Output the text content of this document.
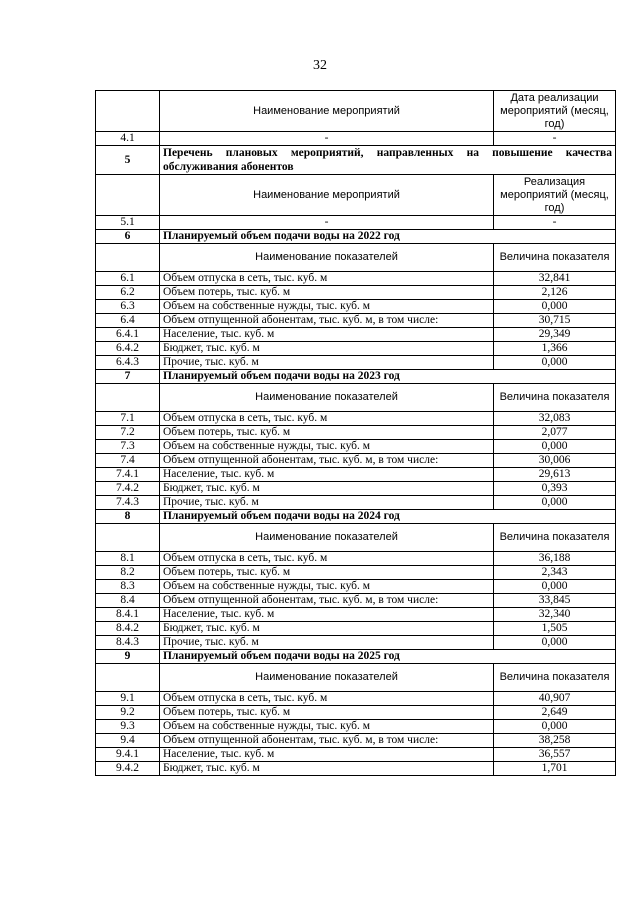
32
	Наименование мероприятий	Дата реализации мероприятий (месяц, год)
4.1	-	-
5	Перечень плановых мероприятий, направленных на повышение качества обслуживания абонентов	
	Наименование мероприятий	Реализация мероприятий (месяц, год)
5.1	-	-
6	Планируемый объем подачи воды на 2022 год	
	Наименование показателей	Величина показателя
6.1	Объем отпуска в сеть, тыс. куб. м	32,841
6.2	Объем потерь, тыс. куб. м	2,126
6.3	Объем на собственные нужды, тыс. куб. м	0,000
6.4	Объем отпущенной абонентам, тыс. куб. м, в том числе:	30,715
6.4.1	Население, тыс. куб. м	29,349
6.4.2	Бюджет, тыс. куб. м	1,366
6.4.3	Прочие, тыс. куб. м	0,000
7	Планируемый объем подачи воды на 2023 год	
	Наименование показателей	Величина показателя
7.1	Объем отпуска в сеть, тыс. куб. м	32,083
7.2	Объем потерь, тыс. куб. м	2,077
7.3	Объем на собственные нужды, тыс. куб. м	0,000
7.4	Объем отпущенной абонентам, тыс. куб. м, в том числе:	30,006
7.4.1	Население, тыс. куб. м	29,613
7.4.2	Бюджет, тыс. куб. м	0,393
7.4.3	Прочие, тыс. куб. м	0,000
8	Планируемый объем подачи воды на 2024 год	
	Наименование показателей	Величина показателя
8.1	Объем отпуска в сеть, тыс. куб. м	36,188
8.2	Объем потерь, тыс. куб. м	2,343
8.3	Объем на собственные нужды, тыс. куб. м	0,000
8.4	Объем отпущенной абонентам, тыс. куб. м, в том числе:	33,845
8.4.1	Население, тыс. куб. м	32,340
8.4.2	Бюджет, тыс. куб. м	1,505
8.4.3	Прочие, тыс. куб. м	0,000
9	Планируемый объем подачи воды на 2025 год	
	Наименование показателей	Величина показателя
9.1	Объем отпуска в сеть, тыс. куб. м	40,907
9.2	Объем потерь, тыс. куб. м	2,649
9.3	Объем на собственные нужды, тыс. куб. м	0,000
9.4	Объем отпущенной абонентам, тыс. куб. м, в том числе:	38,258
9.4.1	Население, тыс. куб. м	36,557
9.4.2	Бюджет, тыс. куб. м	1,701
